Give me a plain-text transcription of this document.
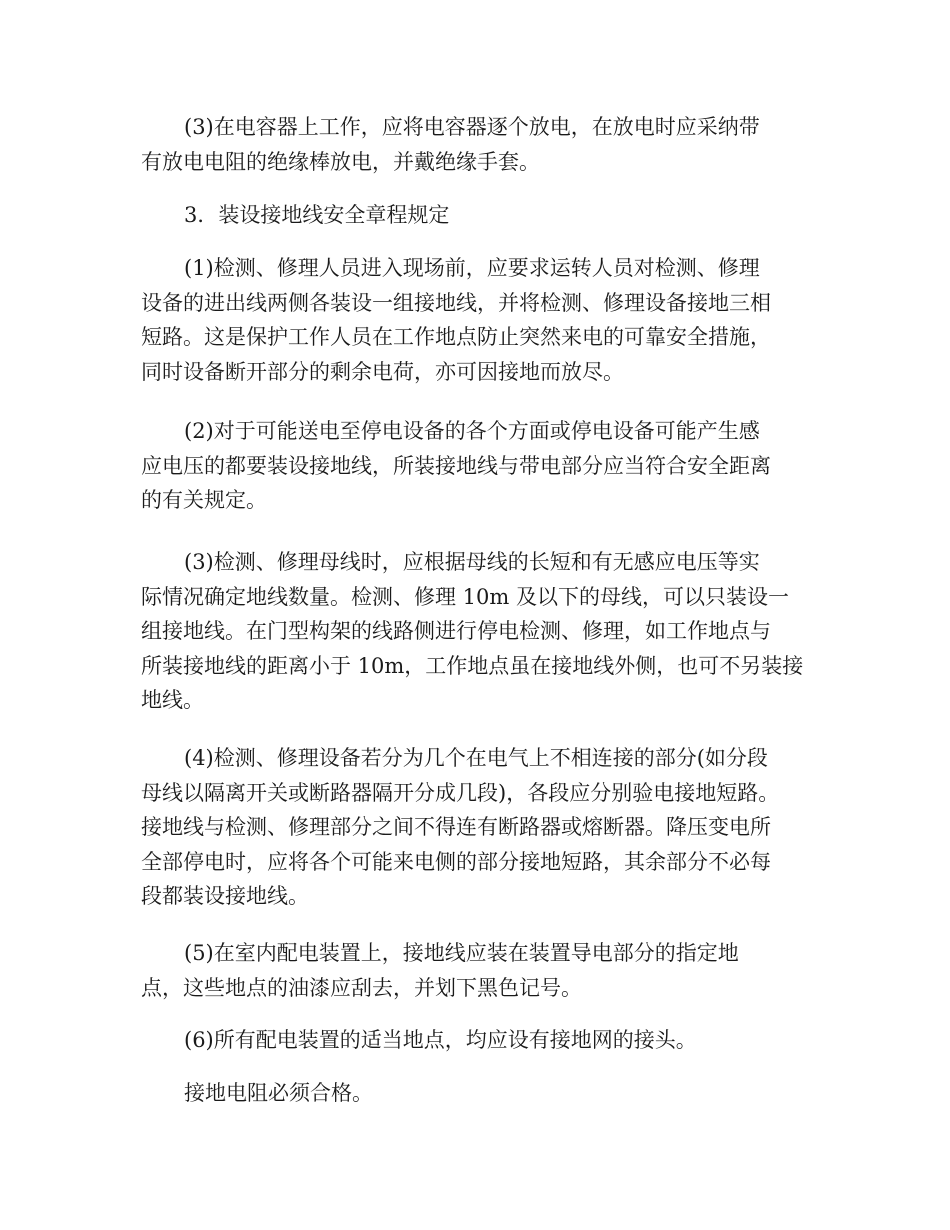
(3)在电容器上工作，应将电容器逐个放电，在放电时应采纳带
有放电电阻的绝缘棒放电，并戴绝缘手套。
3．装设接地线安全章程规定
(1)检测、修理人员进入现场前，应要求运转人员对检测、修理
设备的进出线两侧各装设一组接地线，并将检测、修理设备接地三相
短路。这是保护工作人员在工作地点防止突然来电的可靠安全措施，
同时设备断开部分的剩余电荷，亦可因接地而放尽。
(2)对于可能送电至停电设备的各个方面或停电设备可能产生感
应电压的都要装设接地线，所装接地线与带电部分应当符合安全距离
的有关规定。
(3)检测、修理母线时，应根据母线的长短和有无感应电压等实
际情况确定地线数量。检测、修理 10m 及以下的母线，可以只装设一
组接地线。在门型构架的线路侧进行停电检测、修理，如工作地点与
所装接地线的距离小于 10m，工作地点虽在接地线外侧，也可不另装接
地线。
(4)检测、修理设备若分为几个在电气上不相连接的部分(如分段
母线以隔离开关或断路器隔开分成几段)，各段应分别验电接地短路。
接地线与检测、修理部分之间不得连有断路器或熔断器。降压变电所
全部停电时，应将各个可能来电侧的部分接地短路，其余部分不必每
段都装设接地线。
(5)在室内配电装置上，接地线应装在装置导电部分的指定地
点，这些地点的油漆应刮去，并划下黑色记号。
(6)所有配电装置的适当地点，均应设有接地网的接头。
接地电阻必须合格。
